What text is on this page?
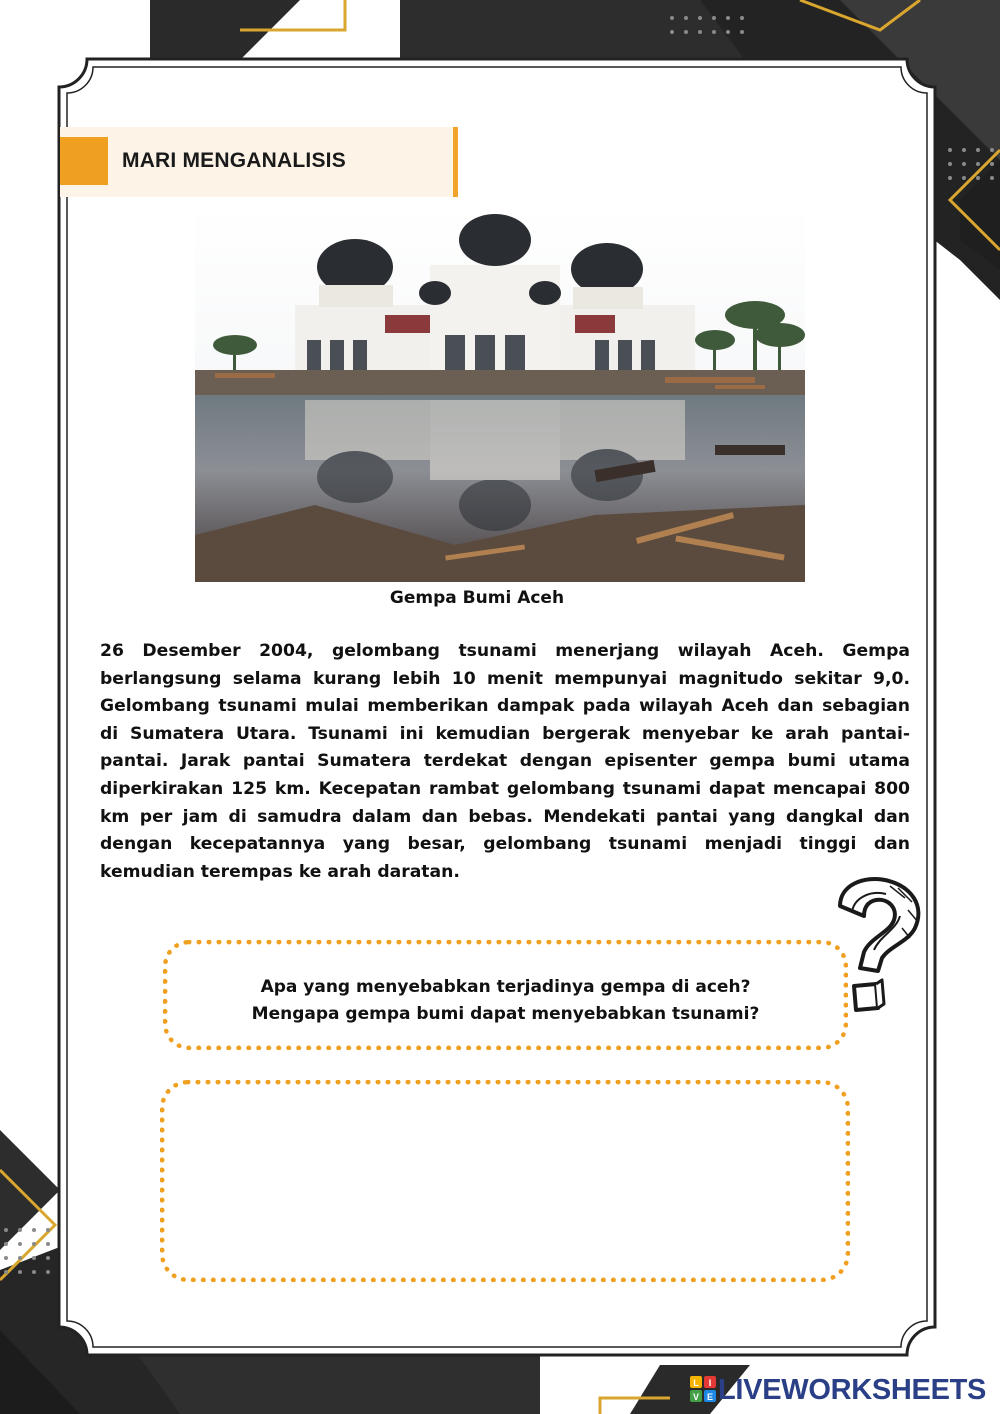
MARI MENGANALISIS
Gempa Bumi Aceh

26 Desember 2004, gelombang tsunami menerjang wilayah Aceh. Gempa berlangsung selama kurang lebih 10 menit mempunyai magnitudo sekitar 9,0. Gelombang tsunami mulai memberikan dampak pada wilayah Aceh dan sebagian di Sumatera Utara. Tsunami ini kemudian bergerak menyebar ke arah pantai-pantai. Jarak pantai Sumatera terdekat dengan episenter gempa bumi utama diperkirakan 125 km. Kecepatan rambat gelombang tsunami dapat mencapai 800 km per jam di samudra dalam dan bebas. Mendekati pantai yang dangkal dan dengan kecepatannya yang besar, gelombang tsunami menjadi tinggi dan kemudian terempas ke arah daratan.

Apa yang menyebabkan terjadinya gempa di aceh?

Mengapa gempa bumi dapat menyebabkan tsunami?

L I
V E LIVEWORKSHEETS
